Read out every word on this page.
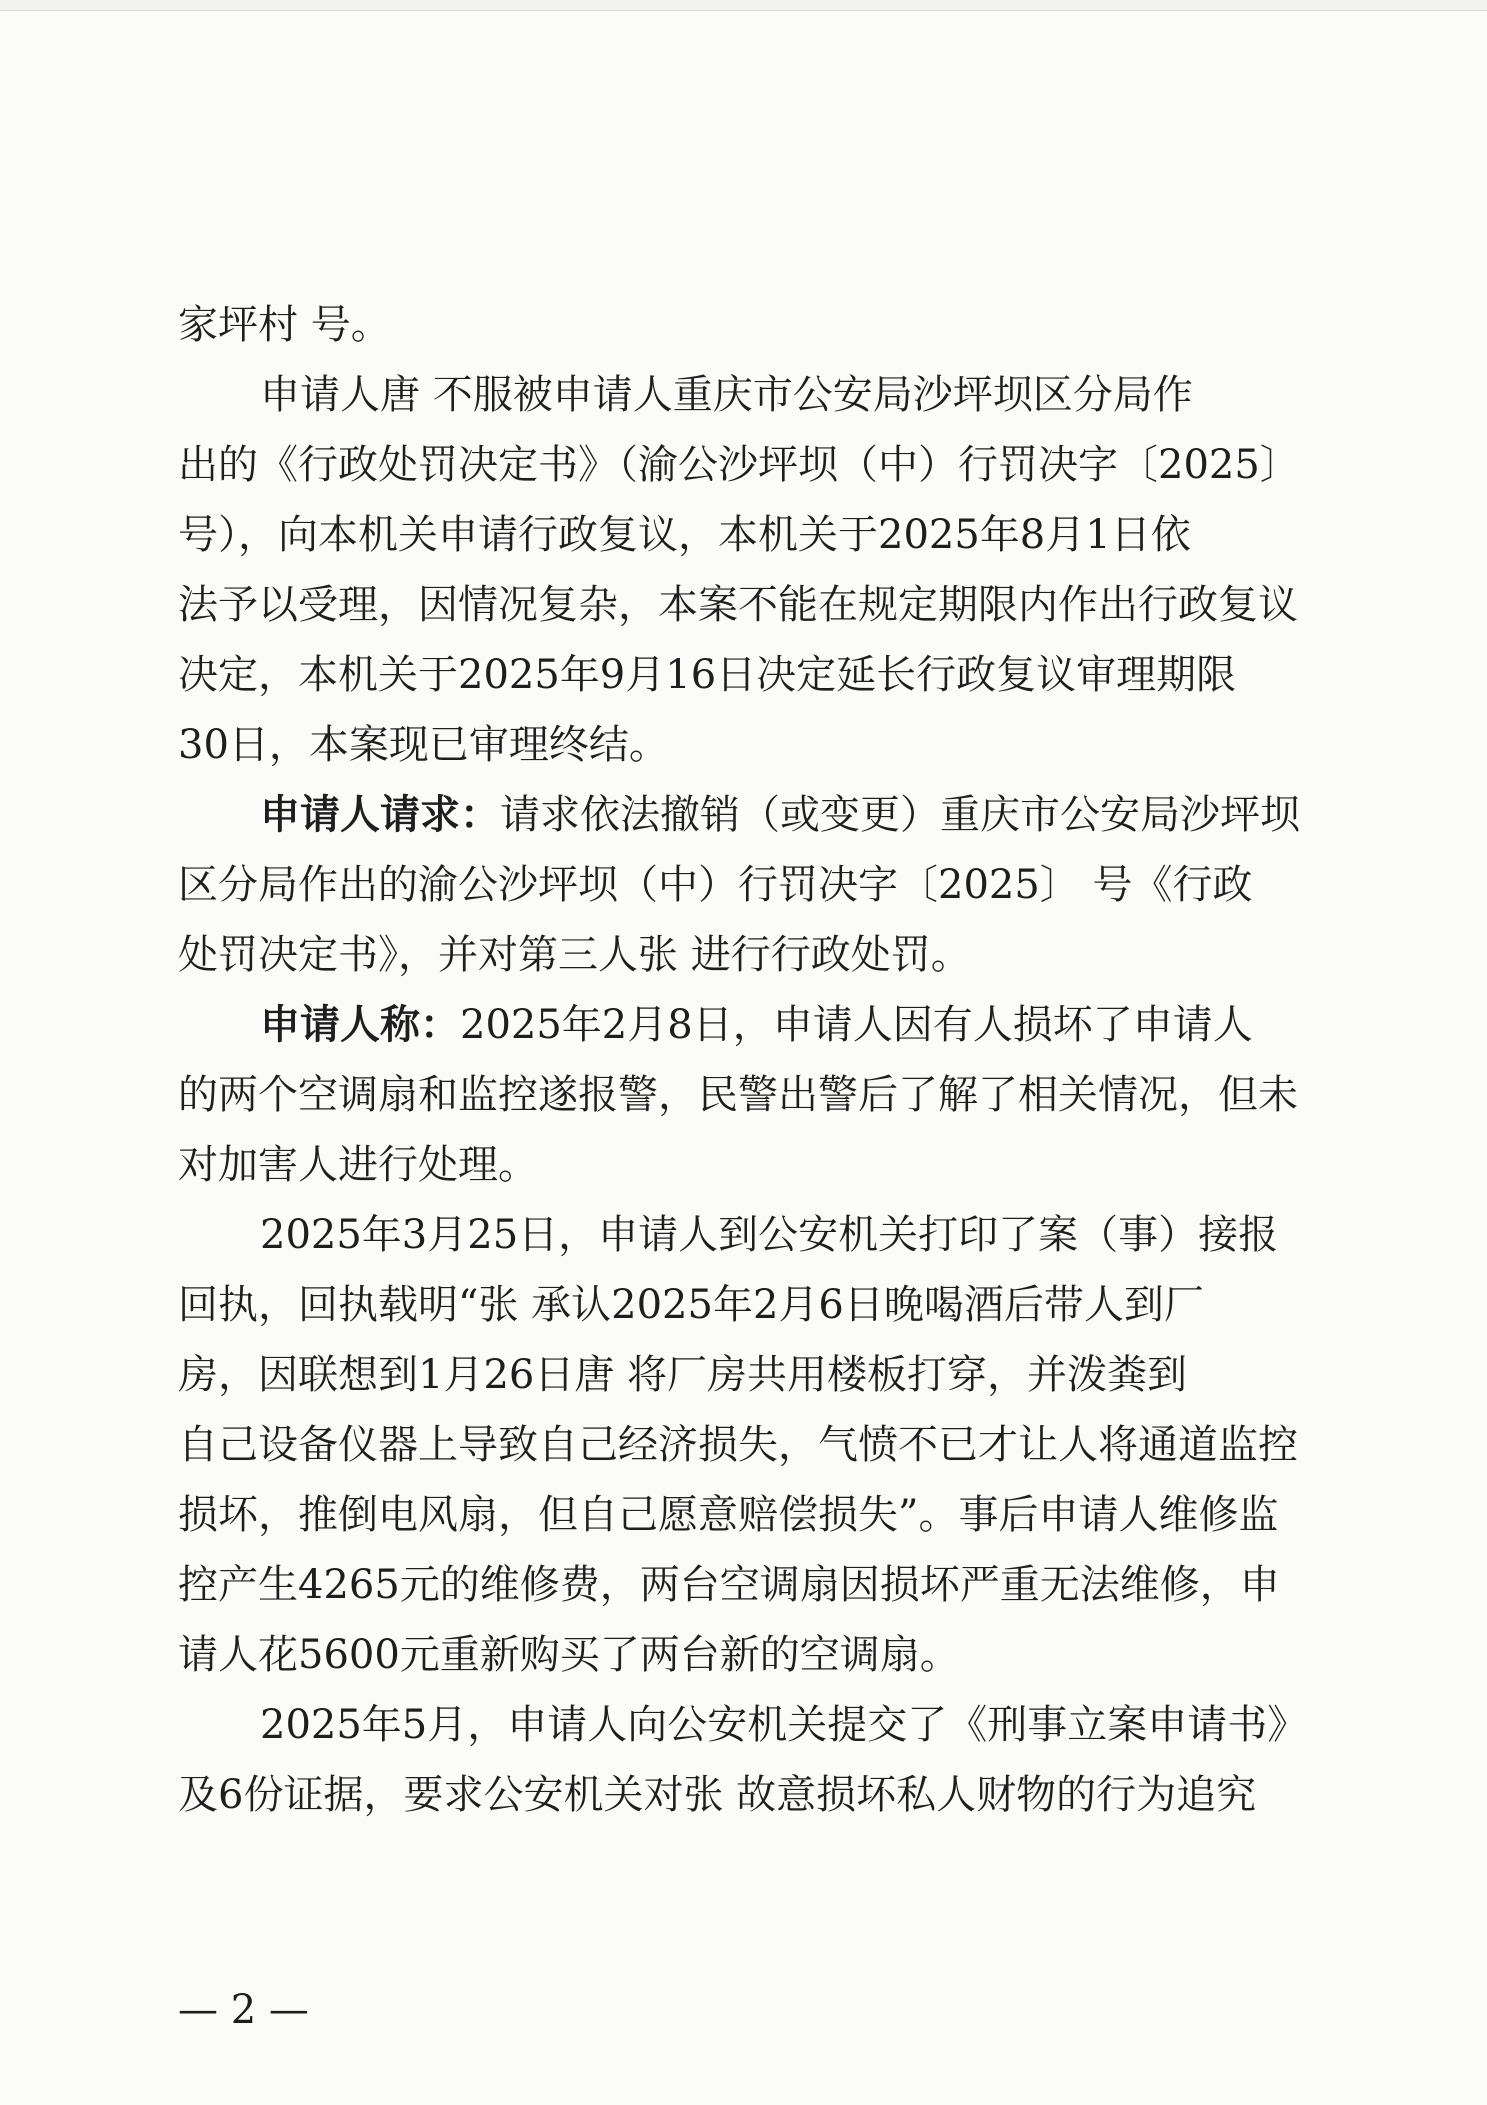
家坪村 号。
申请人唐 不服被申请人重庆市公安局沙坪坝区分局作
出的《行政处罚决定书》（渝公沙坪坝（中）行罚决字〔2025〕
号），向本机关申请行政复议，本机关于2025年8月1日依
法予以受理，因情况复杂，本案不能在规定期限内作出行政复议
决定，本机关于2025年9月16日决定延长行政复议审理期限
30日，本案现已审理终结。
申请人请求：请求依法撤销（或变更）重庆市公安局沙坪坝
区分局作出的渝公沙坪坝（中）行罚决字〔2025〕 号《行政
处罚决定书》，并对第三人张 进行行政处罚。
申请人称：2025年2月8日，申请人因有人损坏了申请人
的两个空调扇和监控遂报警，民警出警后了解了相关情况，但未
对加害人进行处理。
2025年3月25日，申请人到公安机关打印了案（事）接报
回执，回执载明“张 承认2025年2月6日晚喝酒后带人到厂
房，因联想到1月26日唐 将厂房共用楼板打穿，并泼粪到
自己设备仪器上导致自己经济损失，气愤不已才让人将通道监控
损坏，推倒电风扇，但自己愿意赔偿损失”。事后申请人维修监
控产生4265元的维修费，两台空调扇因损坏严重无法维修，申
请人花5600元重新购买了两台新的空调扇。
2025年5月，申请人向公安机关提交了《刑事立案申请书》
及6份证据，要求公安机关对张 故意损坏私人财物的行为追究
— 2 —
